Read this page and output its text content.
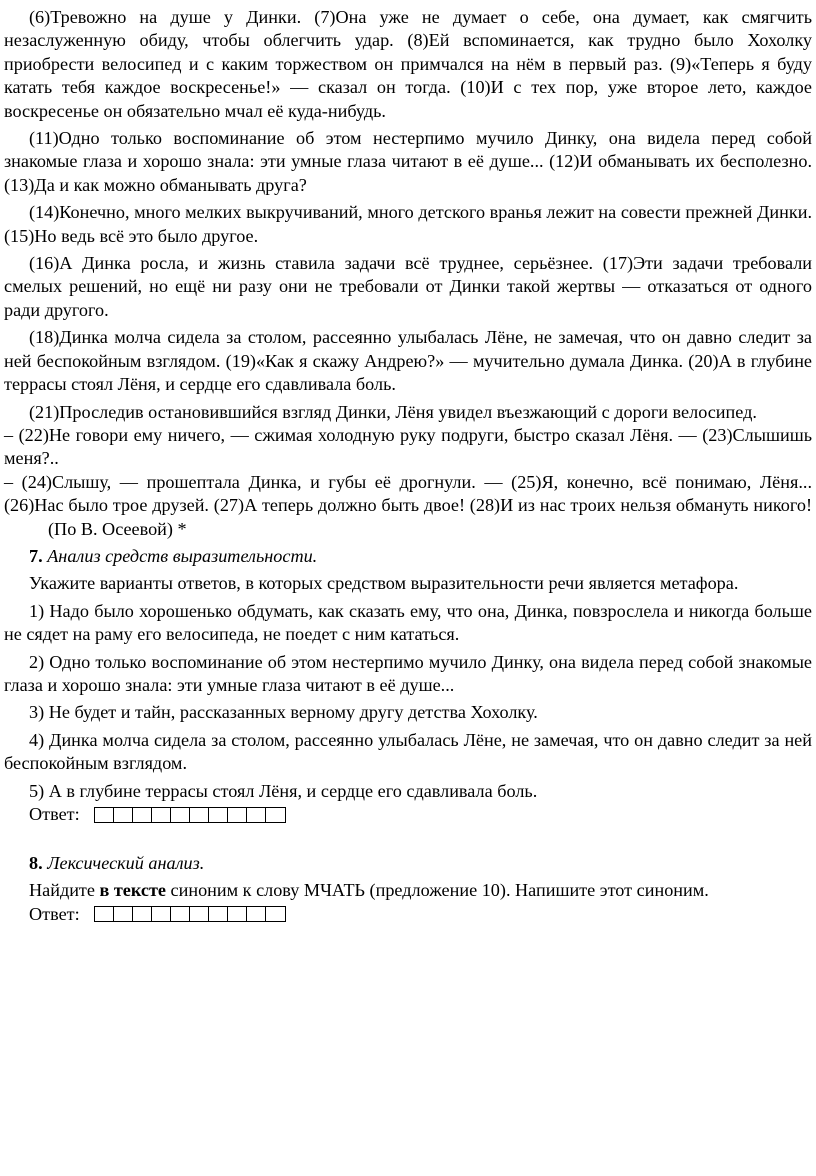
(6)Тревожно на душе у Динки. (7)Она уже не думает о себе, она думает, как смягчить незаслуженную обиду, чтобы облегчить удар. (8)Ей вспоминается, как трудно было Хохолку приобрести велосипед и с каким торжеством он примчался на нём в первый раз. (9)«Теперь я буду катать тебя каждое воскресенье!» — сказал он тогда. (10)И с тех пор, уже второе лето, каждое воскресенье он обязательно мчал её куда-нибудь.

(11)Одно только воспоминание об этом нестерпимо мучило Динку, она видела перед собой знакомые глаза и хорошо знала: эти умные глаза читают в её душе... (12)И обманывать их бесполезно. (13)Да и как можно обманывать друга?

(14)Конечно, много мелких выкручиваний, много детского вранья лежит на совести прежней Динки. (15)Но ведь всё это было другое.

(16)А Динка росла, и жизнь ставила задачи всё труднее, серьёзнее. (17)Эти задачи требовали смелых решений, но ещё ни разу они не требовали от Динки такой жертвы — отказаться от одного ради другого.

(18)Динка молча сидела за столом, рассеянно улыбалась Лёне, не замечая, что он давно следит за ней беспокойным взглядом. (19)«Как я скажу Андрею?» — мучительно думала Динка. (20)А в глубине террасы стоял Лёня, и сердце его сдавливала боль.

(21)Проследив остановившийся взгляд Динки, Лёня увидел въезжающий с дороги велосипед.

– (22)Не говори ему ничего, — сжимая холодную руку подруги, быстро сказал Лёня. — (23)Слышишь меня?..

– (24)Слышу, — прошептала Динка, и губы её дрогнули. — (25)Я, конечно, всё понимаю, Лёня... (26)Нас было трое друзей. (27)А теперь должно быть двое! (28)И из нас троих нельзя обмануть никого!(По В. Осеевой) *

7. Анализ средств выразительности.

Укажите варианты ответов, в которых средством выразительности речи является метафора.

1) Надо было хорошенько обдумать, как сказать ему, что она, Динка, повзрослела и никогда больше не сядет на раму его велосипеда, не поедет с ним кататься.

2) Одно только воспоминание об этом нестерпимо мучило Динку, она видела перед собой знакомые глаза и хорошо знала: эти умные глаза читают в её душе...

3) Не будет и тайн, рассказанных верному другу детства Хохолку.

4) Динка молча сидела за столом, рассеянно улыбалась Лёне, не замечая, что он давно следит за ней беспокойным взглядом.

5) А в глубине террасы стоял Лёня, и сердце его сдавливала боль.

Ответ:

8. Лексический анализ.

Найдите в тексте синоним к слову МЧАТЬ (предложение 10). Напишите этот синоним.

Ответ:
